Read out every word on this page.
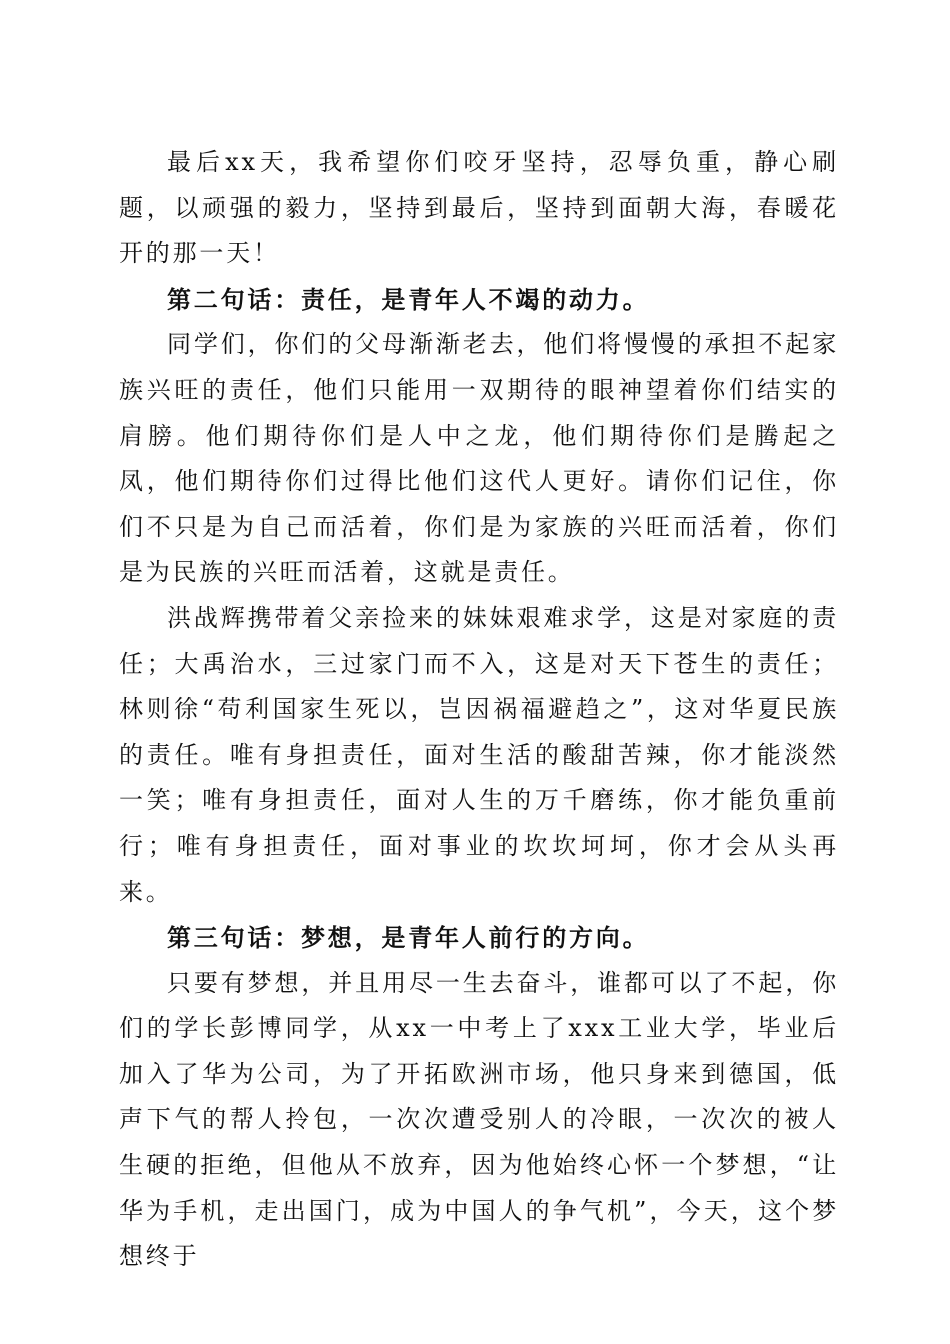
最后xx天，我希望你们咬牙坚持，忍辱负重，静心刷题，以顽强的毅力，坚持到最后，坚持到面朝大海，春暖花开的那一天！

第二句话：责任，是青年人不竭的动力。

同学们，你们的父母渐渐老去，他们将慢慢的承担不起家族兴旺的责任，他们只能用一双期待的眼神望着你们结实的肩膀。他们期待你们是人中之龙，他们期待你们是腾起之凤，他们期待你们过得比他们这代人更好。请你们记住，你们不只是为自己而活着，你们是为家族的兴旺而活着，你们是为民族的兴旺而活着，这就是责任。

洪战辉携带着父亲捡来的妹妹艰难求学，这是对家庭的责任；大禹治水，三过家门而不入，这是对天下苍生的责任；林则徐“苟利国家生死以，岂因祸福避趋之”，这对华夏民族的责任。唯有身担责任，面对生活的酸甜苦辣，你才能淡然一笑；唯有身担责任，面对人生的万千磨练，你才能负重前行；唯有身担责任，面对事业的坎坎坷坷，你才会从头再来。

第三句话：梦想，是青年人前行的方向。

只要有梦想，并且用尽一生去奋斗，谁都可以了不起，你们的学长彭博同学，从xx一中考上了xxx工业大学，毕业后加入了华为公司，为了开拓欧洲市场，他只身来到德国，低声下气的帮人拎包，一次次遭受别人的冷眼，一次次的被人生硬的拒绝，但他从不放弃，因为他始终心怀一个梦想，“让华为手机，走出国门，成为中国人的争气机”，今天，这个梦想终于
